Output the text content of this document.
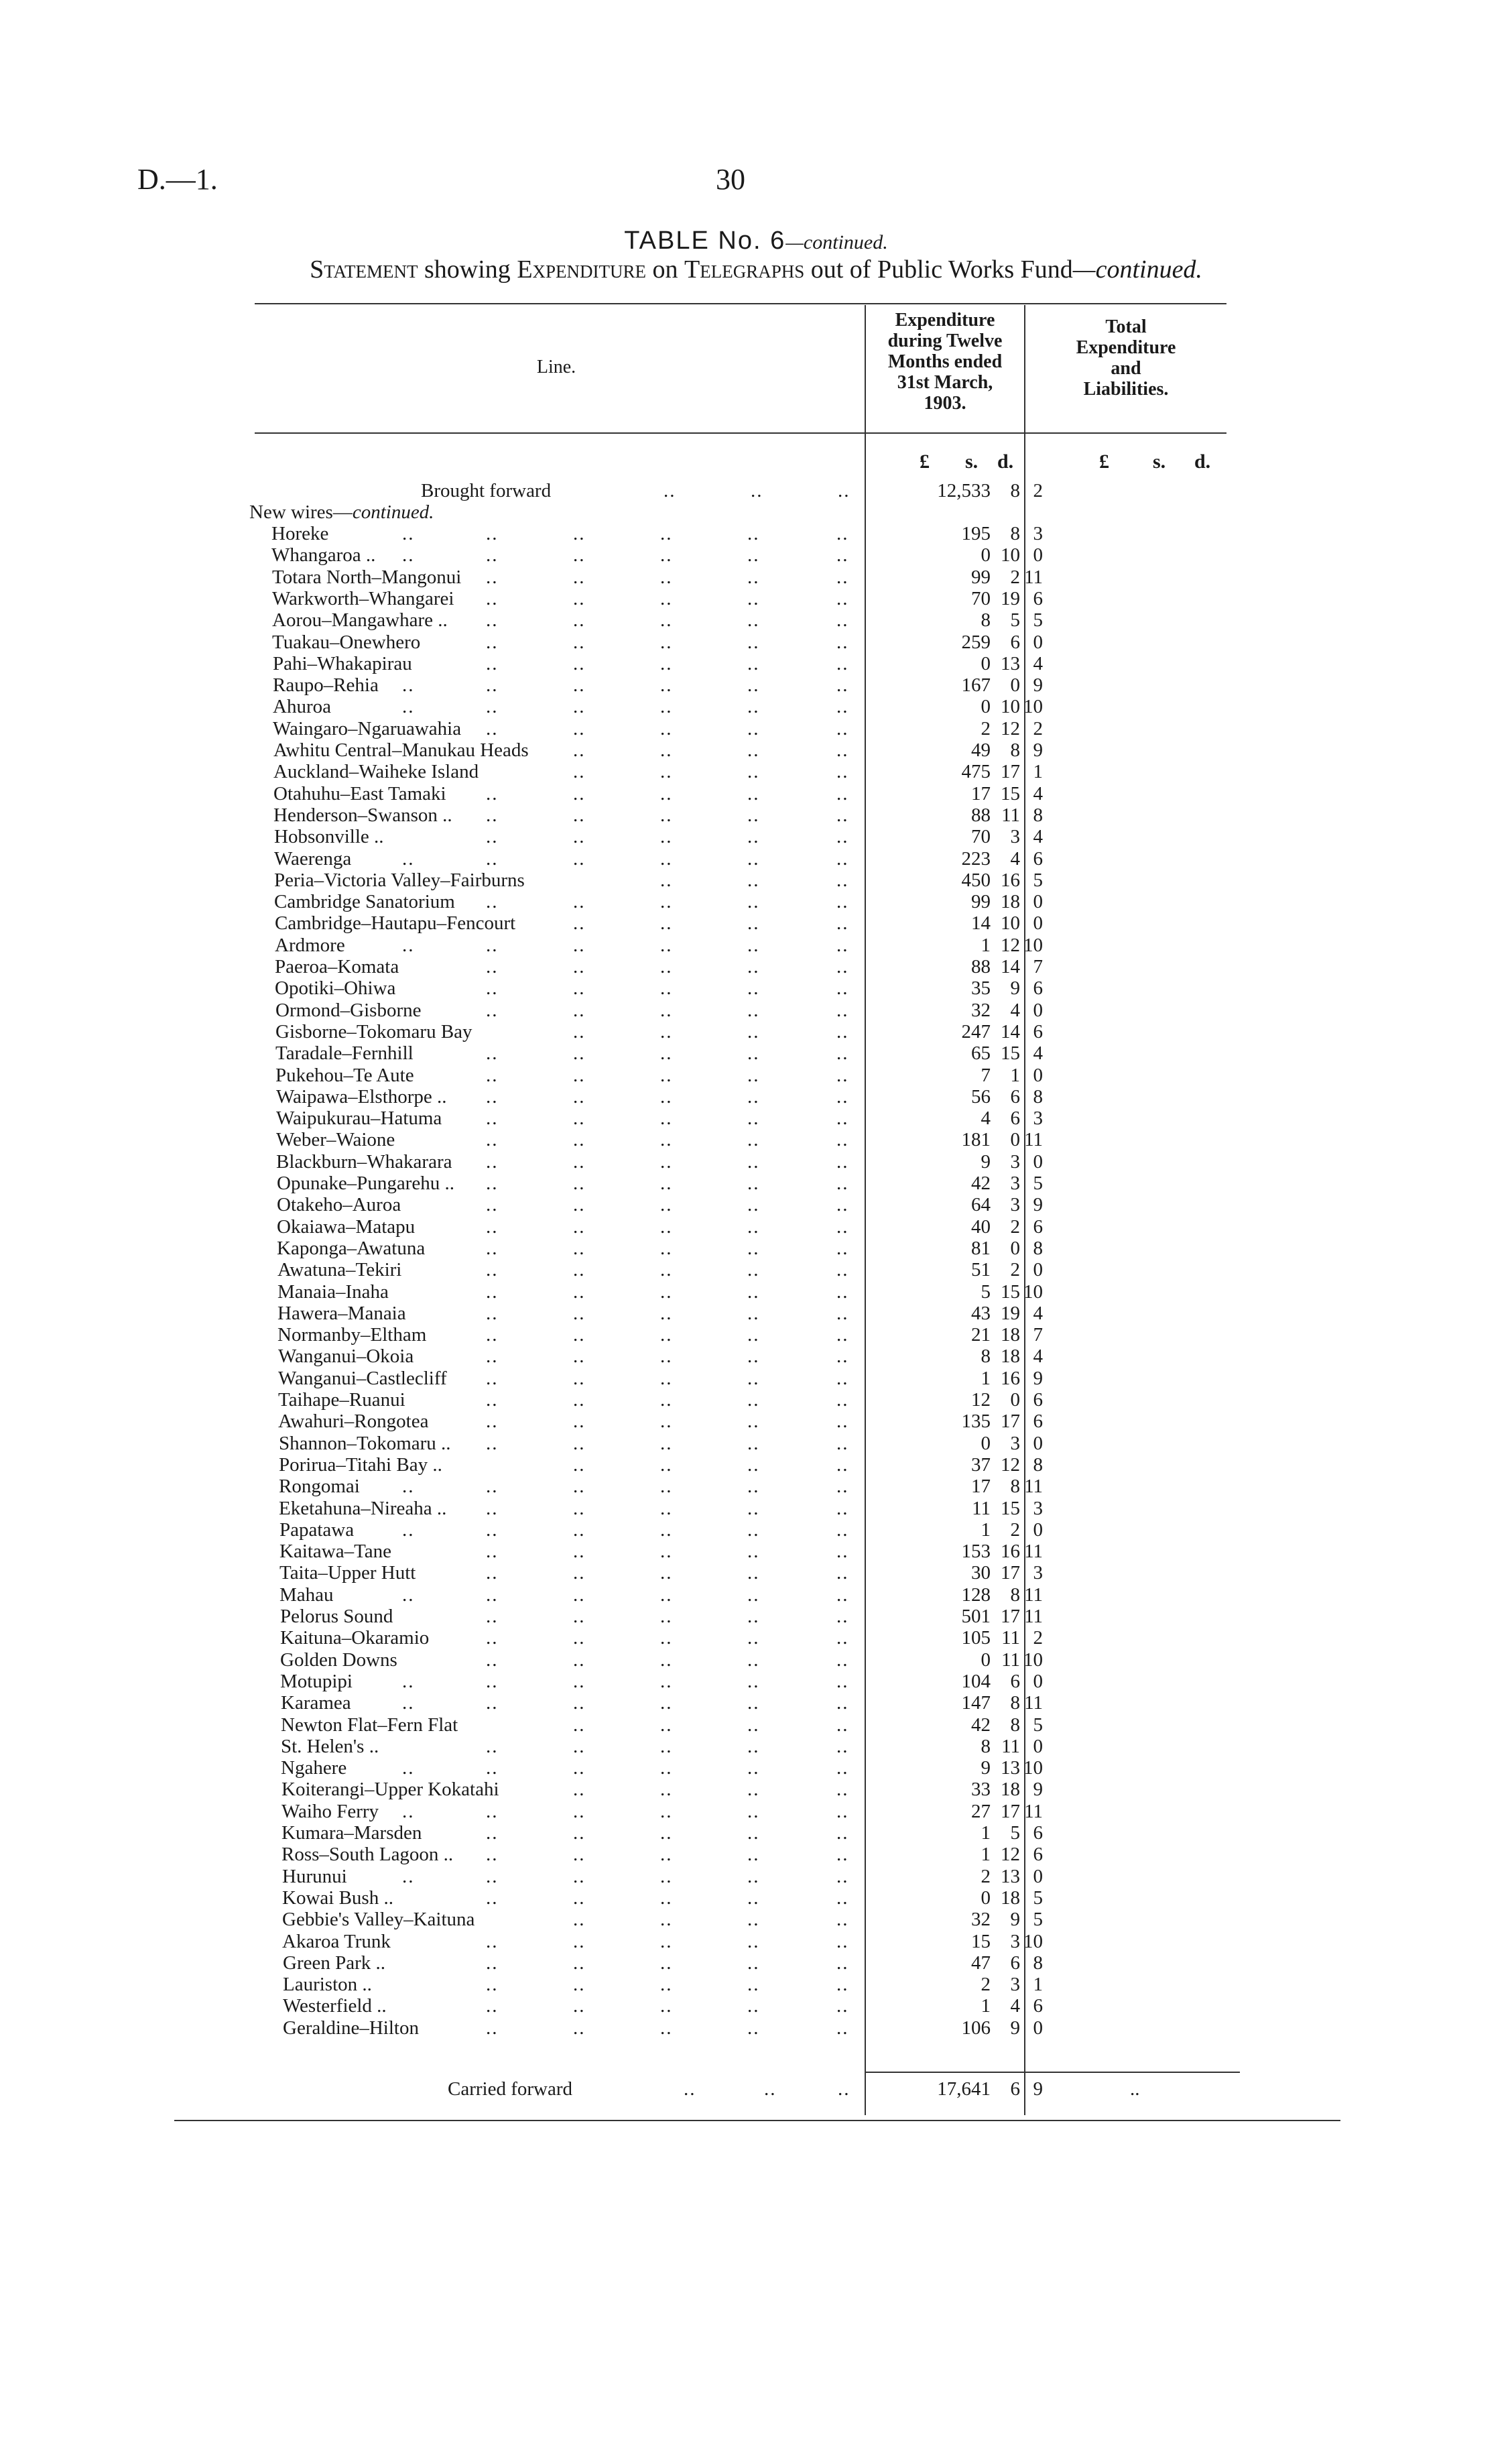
D.—1.	30
TABLE No. 6—continued.
Statement showing Expenditure on Telegraphs out of Public Works Fund—continued.
Line.
Expenditure
during Twelve
Months ended
31st March,
1903.
Total
Expenditure
and
Liabilities.
£ s. d.	£ s. d.
Brought forward	..	..	..	12,533	8 2
New wires—continued.
Horeke	..	..	..	..	..	..	195	8 3
Whangaroa .. ..	..	..	..	..	..	0 10 0
Totara North–Mangonui ..	..	..	..	..	99	2 11
Warkworth–Whangarei ..	..	..	..	..	70 19 6
Aorou–Mangawhare .. ..	..	..	..	..	8	5 5
Tuakau–Onewhero	..	..	..	..	..	259	6 0
Pahi–Whakapirau	..	..	..	..	..	0 13 4
Raupo–Rehia ..	..	..	..	..	..	167	0 9
Ahuroa	..	..	..	..	..	..	0 10 10
Waingaro–Ngaruawahia ..	..	..	..	..	2 12 2
Awhitu Central–Manukau Heads ..	..	..	..	49	8 9
Auckland–Waiheke Island	..	..	..	..	475 17 1
Otahuhu–East Tamaki ..	..	..	..	..	17 15 4
Henderson–Swanson .. ..	..	..	..	..	88 11 8
Hobsonville ..	..	..	..	..	..	70	3 4
Waerenga	..	..	..	..	..	..	223	4 6
Peria–Victoria Valley–Fairburns	..	..	..	450 16 5
Cambridge Sanatorium ..	..	..	..	..	99 18 0
Cambridge–Hautapu–Fencourt	..	..	..	..	14 10 0
Ardmore	..	..	..	..	..	..	1 12 10
Paeroa–Komata	..	..	..	..	..	88 14 7
Opotiki–Ohiwa	..	..	..	..	..	35	9 6
Ormond–Gisborne	..	..	..	..	..	32	4 0
Gisborne–Tokomaru Bay	..	..	..	..	247 14 6
Taradale–Fernhill	..	..	..	..	..	65 15 4
Pukehou–Te Aute	..	..	..	..	..	7	1 0
Waipawa–Elsthorpe .. ..	..	..	..	..	56	6 8
Waipukurau–Hatuma ..	..	..	..	..	4	6 3
Weber–Waione	..	..	..	..	..	181	0 11
Blackburn–Whakarara ..	..	..	..	..	9	3 0
Opunake–Pungarehu .. ..	..	..	..	..	42	3 5
Otakeho–Auroa	..	..	..	..	..	64	3 9
Okaiawa–Matapu	..	..	..	..	..	40	2 6
Kaponga–Awatuna	..	..	..	..	..	81	0 8
Awatuna–Tekiri	..	..	..	..	..	51	2 0
Manaia–Inaha	..	..	..	..	..	5 15 10
Hawera–Manaia	..	..	..	..	..	43 19 4
Normanby–Eltham	..	..	..	..	..	21 18 7
Wanganui–Okoia	..	..	..	..	..	8 18 4
Wanganui–Castlecliff ..	..	..	..	..	1 16 9
Taihape–Ruanui	..	..	..	..	..	12	0 6
Awahuri–Rongotea	..	..	..	..	..	135 17 6
Shannon–Tokomaru .. ..	..	..	..	..	0	3 0
Porirua–Titahi Bay ..	..	..	..	..	37 12 8
Rongomai ..	..	..	..	..	..	17	8 11
Eketahuna–Nireaha .. ..	..	..	..	..	11 15 3
Papatawa ..	..	..	..	..	..	1	2 0
Kaitawa–Tane	..	..	..	..	..	153 16 11
Taita–Upper Hutt	..	..	..	..	..	30 17 3
Mahau	..	..	..	..	..	..	128	8 11
Pelorus Sound	..	..	..	..	..	501 17 11
Kaituna–Okaramio	..	..	..	..	..	105 11 2
Golden Downs	..	..	..	..	..	0 11 10
Motupipi	..	..	..	..	..	..	104	6 0
Karamea	..	..	..	..	..	..	147	8 11
Newton Flat–Fern Flat	..	..	..	..	42	8 5
St. Helen's ..	..	..	..	..	..	8 11 0
Ngahere	..	..	..	..	..	..	9 13 10
Koiterangi–Upper Kokatahi	..	..	..	..	33 18 9
Waiho Ferry ..	..	..	..	..	..	27 17 11
Kumara–Marsden	..	..	..	..	..	1	5 6
Ross–South Lagoon .. ..	..	..	..	..	1 12 6
Hurunui	..	..	..	..	..	..	2 13 0
Kowai Bush ..	..	..	..	..	..	0 18 5
Gebbie's Valley–Kaituna	..	..	..	..	32	9 5
Akaroa Trunk	..	..	..	..	..	15	3 10
Green Park ..	..	..	..	..	..	47	6 8
Lauriston ..	..	..	..	..	..	2	3 1
Westerfield ..	..	..	..	..	..	1	4 6
Geraldine–Hilton	..	..	..	..	..	106	9 0
Carried forward	..	..	..	17,641	6 9	..
